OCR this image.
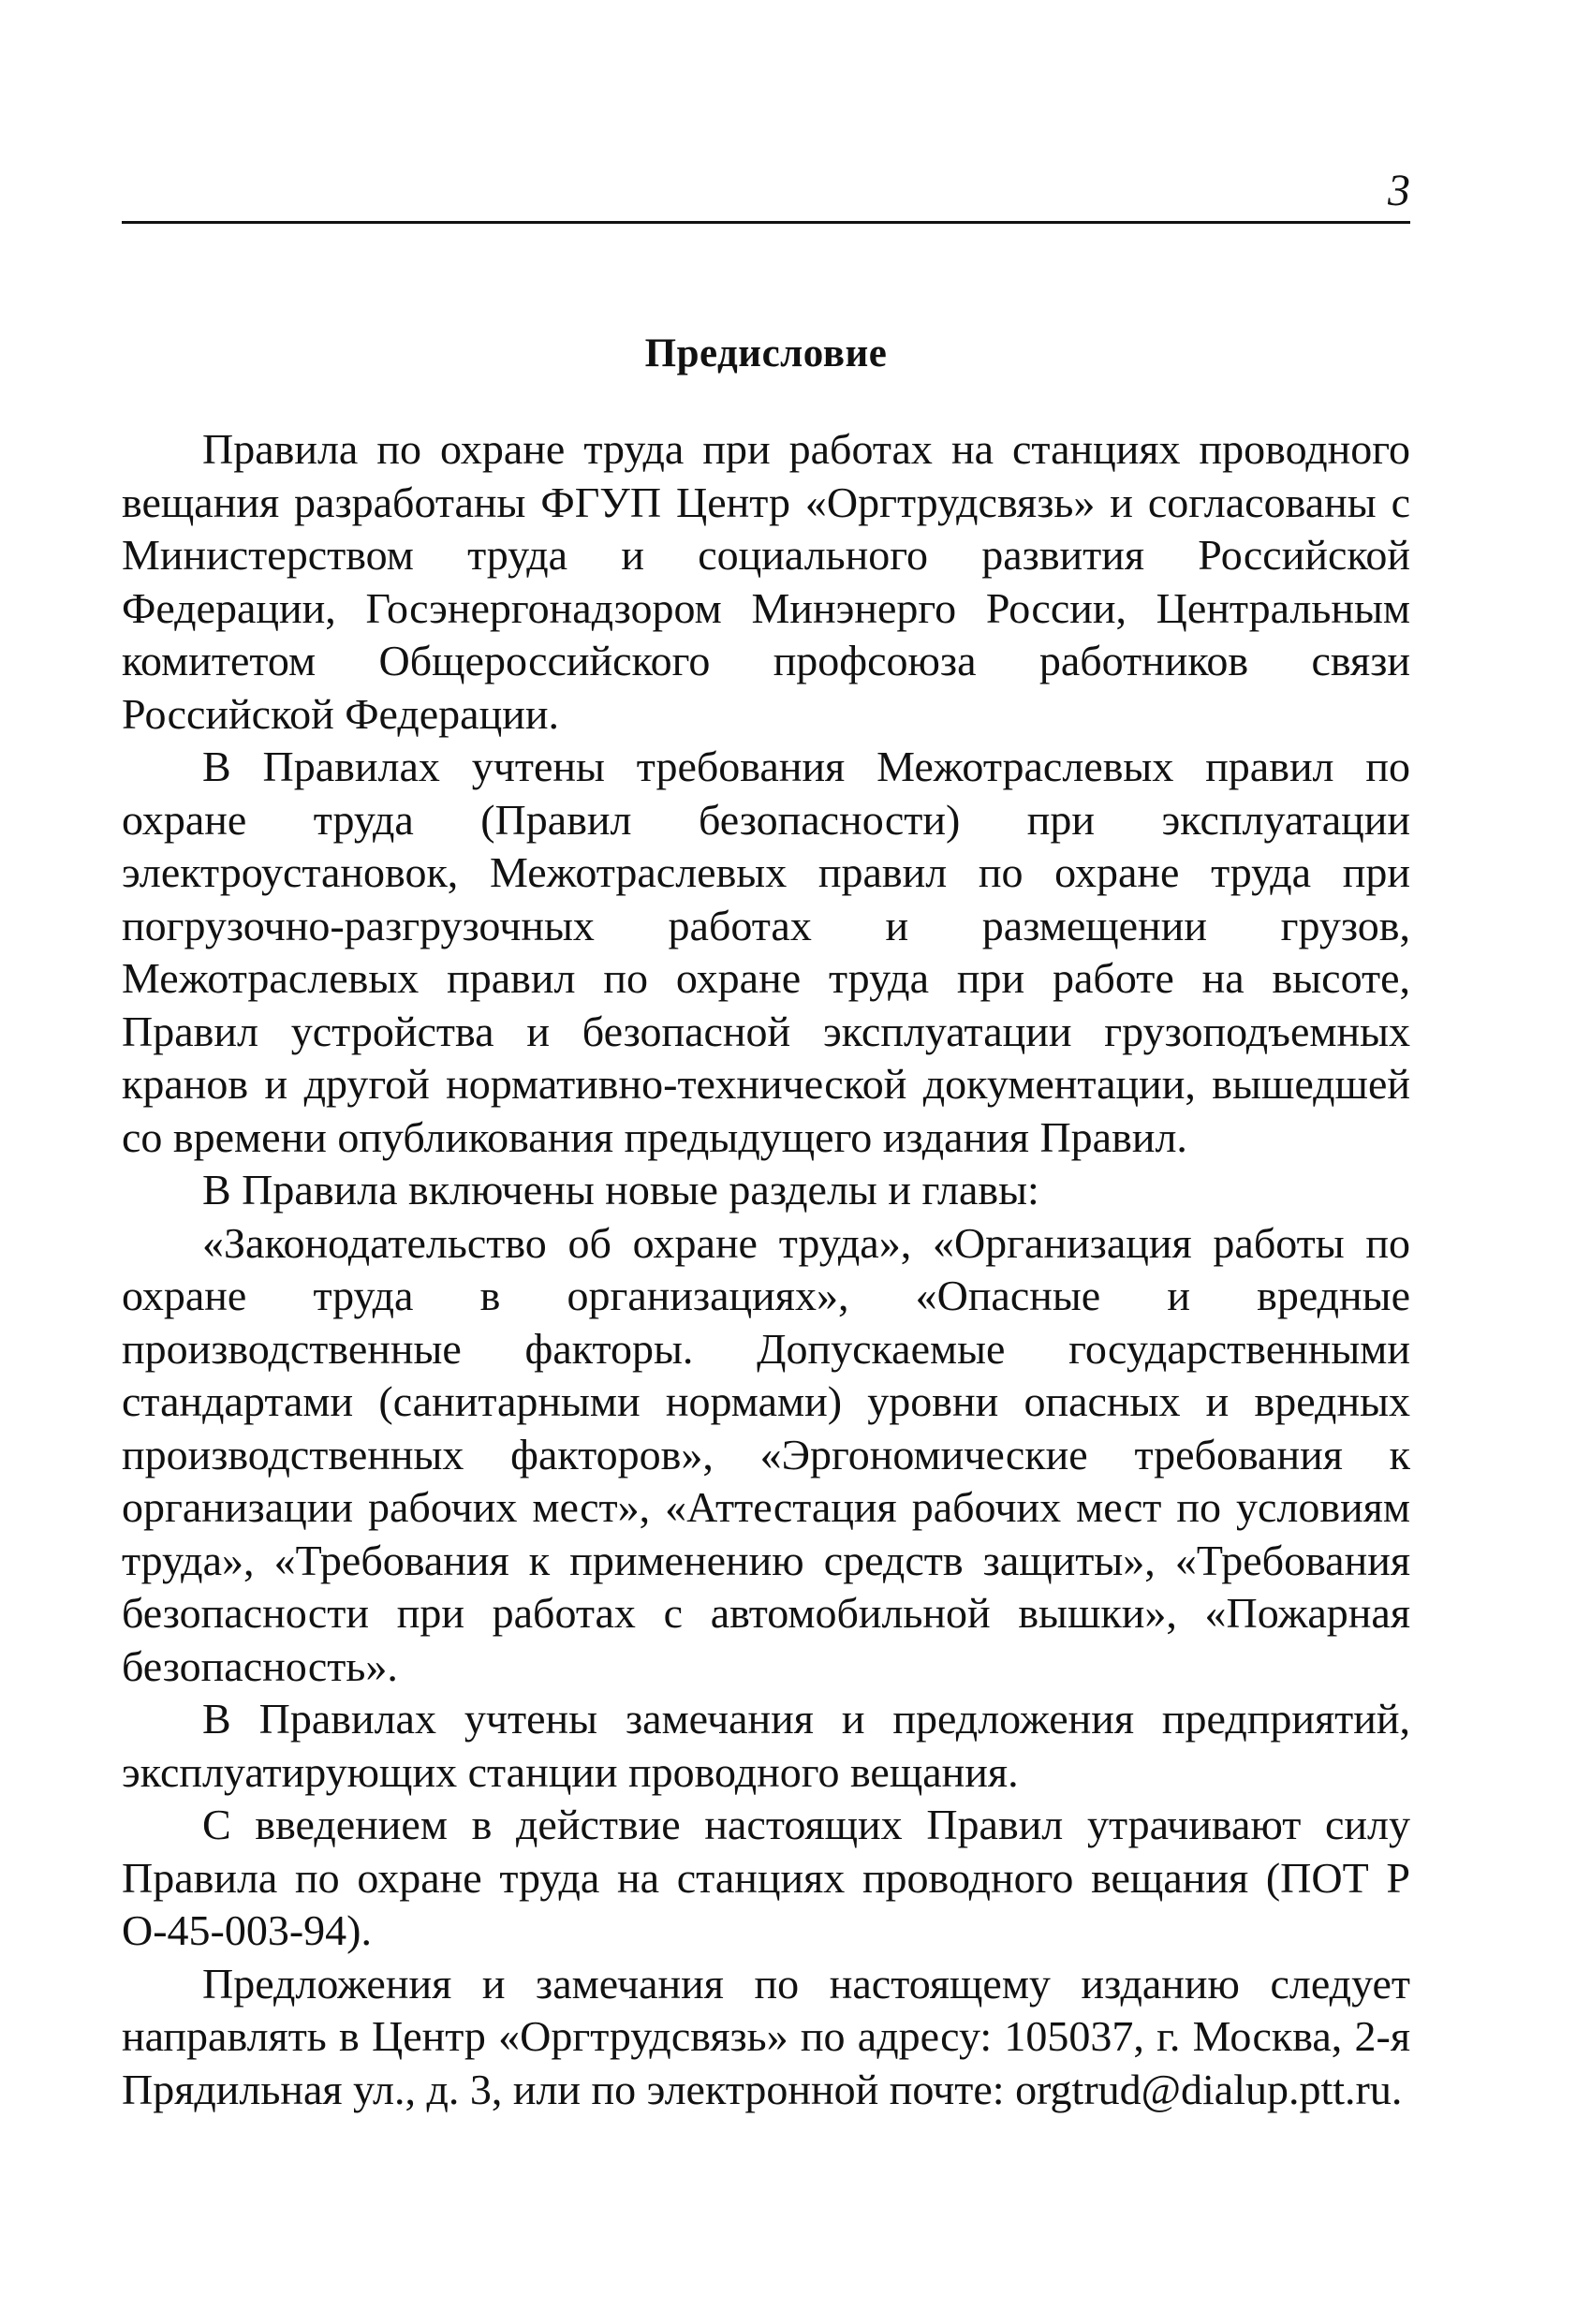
3
Предисловие

Правила по охране труда при работах на станциях проводного вещания разработаны ФГУП Центр «Оргтрудсвязь» и согласованы с Министерством труда и социального развития Российской Федерации, Госэнергонадзором Минэнерго России, Центральным комитетом Общероссийского профсоюза работников связи Российской Федерации.

В Правилах учтены требования Межотраслевых правил по охране труда (Правил безопасности) при эксплуатации электроустановок, Межотраслевых правил по охране труда при погрузочно-разгрузочных работах и размещении грузов, Межотраслевых правил по охране труда при работе на высоте, Правил устройства и безопасной эксплуатации грузоподъемных кранов и другой нормативно-технической документации, вышедшей со времени опубликования предыдущего издания Правил.

В Правила включены новые разделы и главы:

«Законодательство об охране труда», «Организация работы по охране труда в организациях», «Опасные и вредные производственные факторы. Допускаемые государственными стандартами (санитарными нормами) уровни опасных и вредных производственных факторов», «Эргономические требования к организации рабочих мест», «Аттестация рабочих мест по условиям труда», «Требования к применению средств защиты», «Требования безопасности при работах с автомобильной вышки», «Пожарная безопасность».

В Правилах учтены замечания и предложения предприятий, эксплуатирующих станции проводного вещания.

С введением в действие настоящих Правил утрачивают силу Правила по охране труда на станциях проводного вещания (ПОТ Р О-45-003-94).

Предложения и замечания по настоящему изданию следует направлять в Центр «Оргтрудсвязь» по адресу: 105037, г. Москва, 2-я Прядильная ул., д. 3, или по электронной почте: orgtrud@dialup.ptt.ru.
